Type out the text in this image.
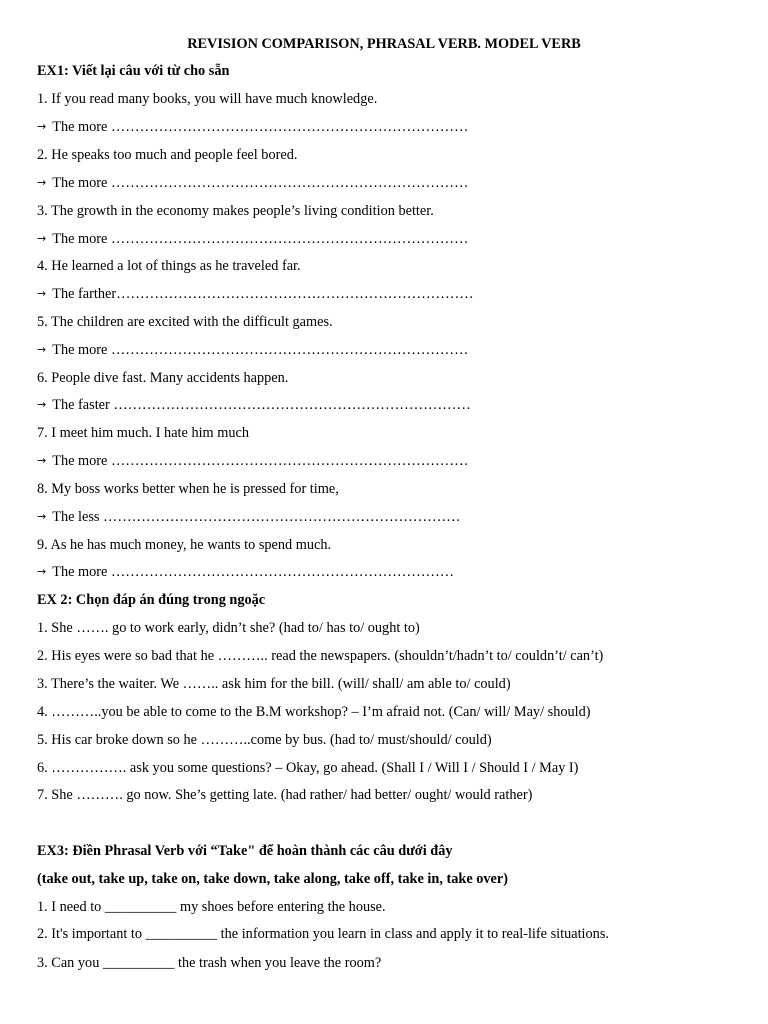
REVISION COMPARISON, PHRASAL VERB. MODEL VERB
EX1: Viết lại câu với từ cho sẵn
1. If you read many books, you will have much knowledge.
→ The more …………………………………………………………………
2. He speaks too much and people feel bored.
→ The more …………………………………………………………………
3. The growth in the economy makes people’s living condition better.
→ The more …………………………………………………………………
4. He learned a lot of things as he traveled far.
→ The farther…………………………………………………………………
5. The children are excited with the difficult games.
→ The more …………………………………………………………………
6. People dive fast. Many accidents happen.
→ The faster …………………………………………………………………
7. I meet him much. I hate him much
→ The more …………………………………………………………………
8. My boss works better when he is pressed for time,
→ The less …………………………………………………………………
9. As he has much money, he wants to spend much.
→ The more ………………………………………………………………
EX 2: Chọn đáp án đúng trong ngoặc
1. She ……. go to work early, didn’t she? (had to/ has to/ ought to)
2. His eyes were so bad that he ……….. read the newspapers. (shouldn’t/hadn’t to/ couldn’t/ can’t)
3. There’s the waiter. We …….. ask him for the bill. (will/ shall/ am able to/ could)
4. ………..you be able to come to the B.M workshop? – I’m afraid not. (Can/ will/ May/ should)
5. His car broke down so he ………..come by bus. (had to/ must/should/ could)
6. ……………. ask you some questions? – Okay, go ahead. (Shall I / Will I / Should I / May I)
7. She ………. go now. She’s getting late. (had rather/ had better/ ought/ would rather)
EX3: Điền Phrasal Verb với “Take" để hoàn thành các câu dưới đây
(take out, take up, take on, take down, take along, take off, take in, take over)
1. I need to __________ my shoes before entering the house.
2. It's important to __________ the information you learn in class and apply it to real-life situations.
3. Can you __________ the trash when you leave the room?
